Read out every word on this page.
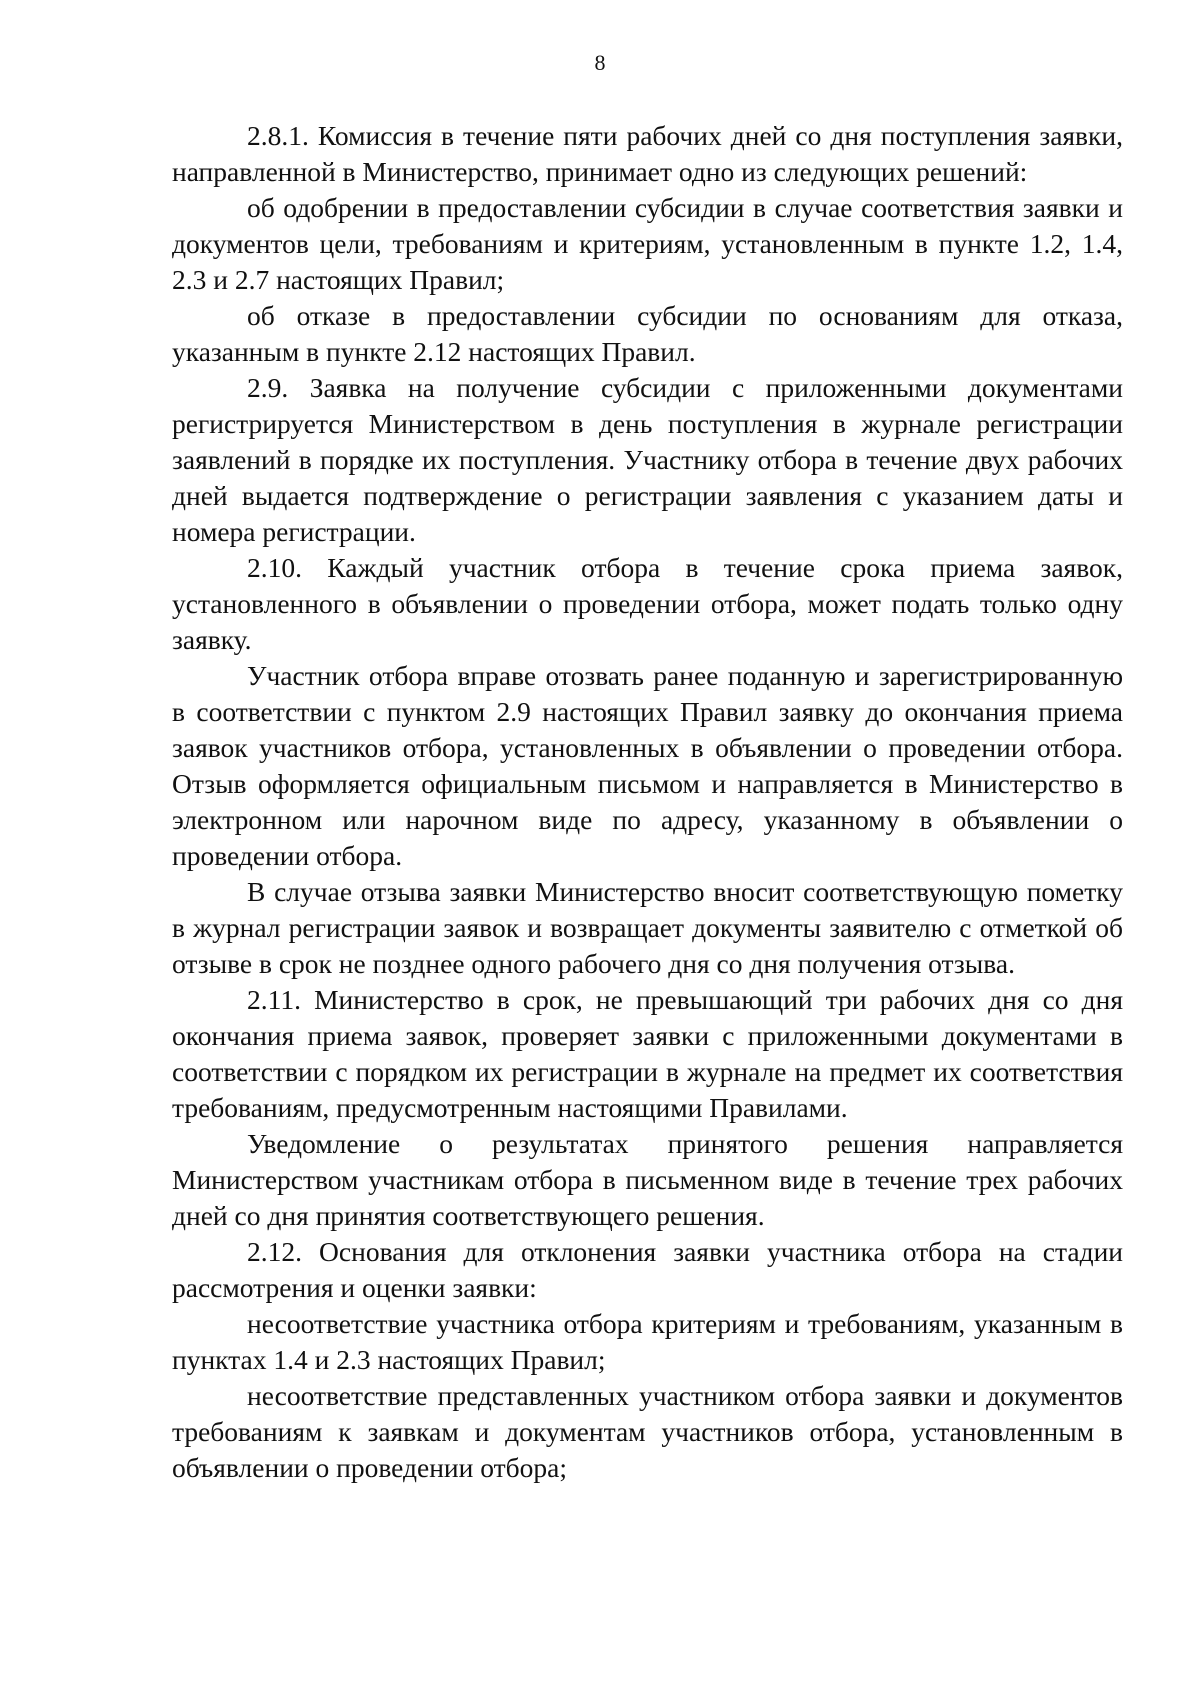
8

2.8.1. Комиссия в течение пяти рабочих дней со дня поступления заявки, направленной в Министерство, принимает одно из следующих решений:

об одобрении в предоставлении субсидии в случае соответствия заявки и документов цели, требованиям и критериям, установленным в пункте 1.2, 1.4, 2.3 и 2.7 настоящих Правил;

об отказе в предоставлении субсидии по основаниям для отказа, указанным в пункте 2.12 настоящих Правил.

2.9. Заявка на получение субсидии с приложенными документами регистрируется Министерством в день поступления в журнале регистрации заявлений в порядке их поступления. Участнику отбора в течение двух рабочих дней выдается подтверждение о регистрации заявления с указанием даты и номера регистрации.

2.10. Каждый участник отбора в течение срока приема заявок, установленного в объявлении о проведении отбора, может подать только одну заявку.

Участник отбора вправе отозвать ранее поданную и зарегистрированную в соответствии с пунктом 2.9 настоящих Правил заявку до окончания приема заявок участников отбора, установленных в объявлении о проведении отбора. Отзыв оформляется официальным письмом и направляется в Министерство в электронном или нарочном виде по адресу, указанному в объявлении о проведении отбора.

В случае отзыва заявки Министерство вносит соответствующую пометку в журнал регистрации заявок и возвращает документы заявителю с отметкой об отзыве в срок не позднее одного рабочего дня со дня получения отзыва.

2.11. Министерство в срок, не превышающий три рабочих дня со дня окончания приема заявок, проверяет заявки с приложенными документами в соответствии с порядком их регистрации в журнале на предмет их соответствия требованиям, предусмотренным настоящими Правилами.

Уведомление о результатах принятого решения направляется Министерством участникам отбора в письменном виде в течение трех рабочих дней со дня принятия соответствующего решения.

2.12. Основания для отклонения заявки участника отбора на стадии рассмотрения и оценки заявки:

несоответствие участника отбора критериям и требованиям, указанным в пунктах 1.4 и 2.3 настоящих Правил;

несоответствие представленных участником отбора заявки и документов требованиям к заявкам и документам участников отбора, установленным в объявлении о проведении отбора;
